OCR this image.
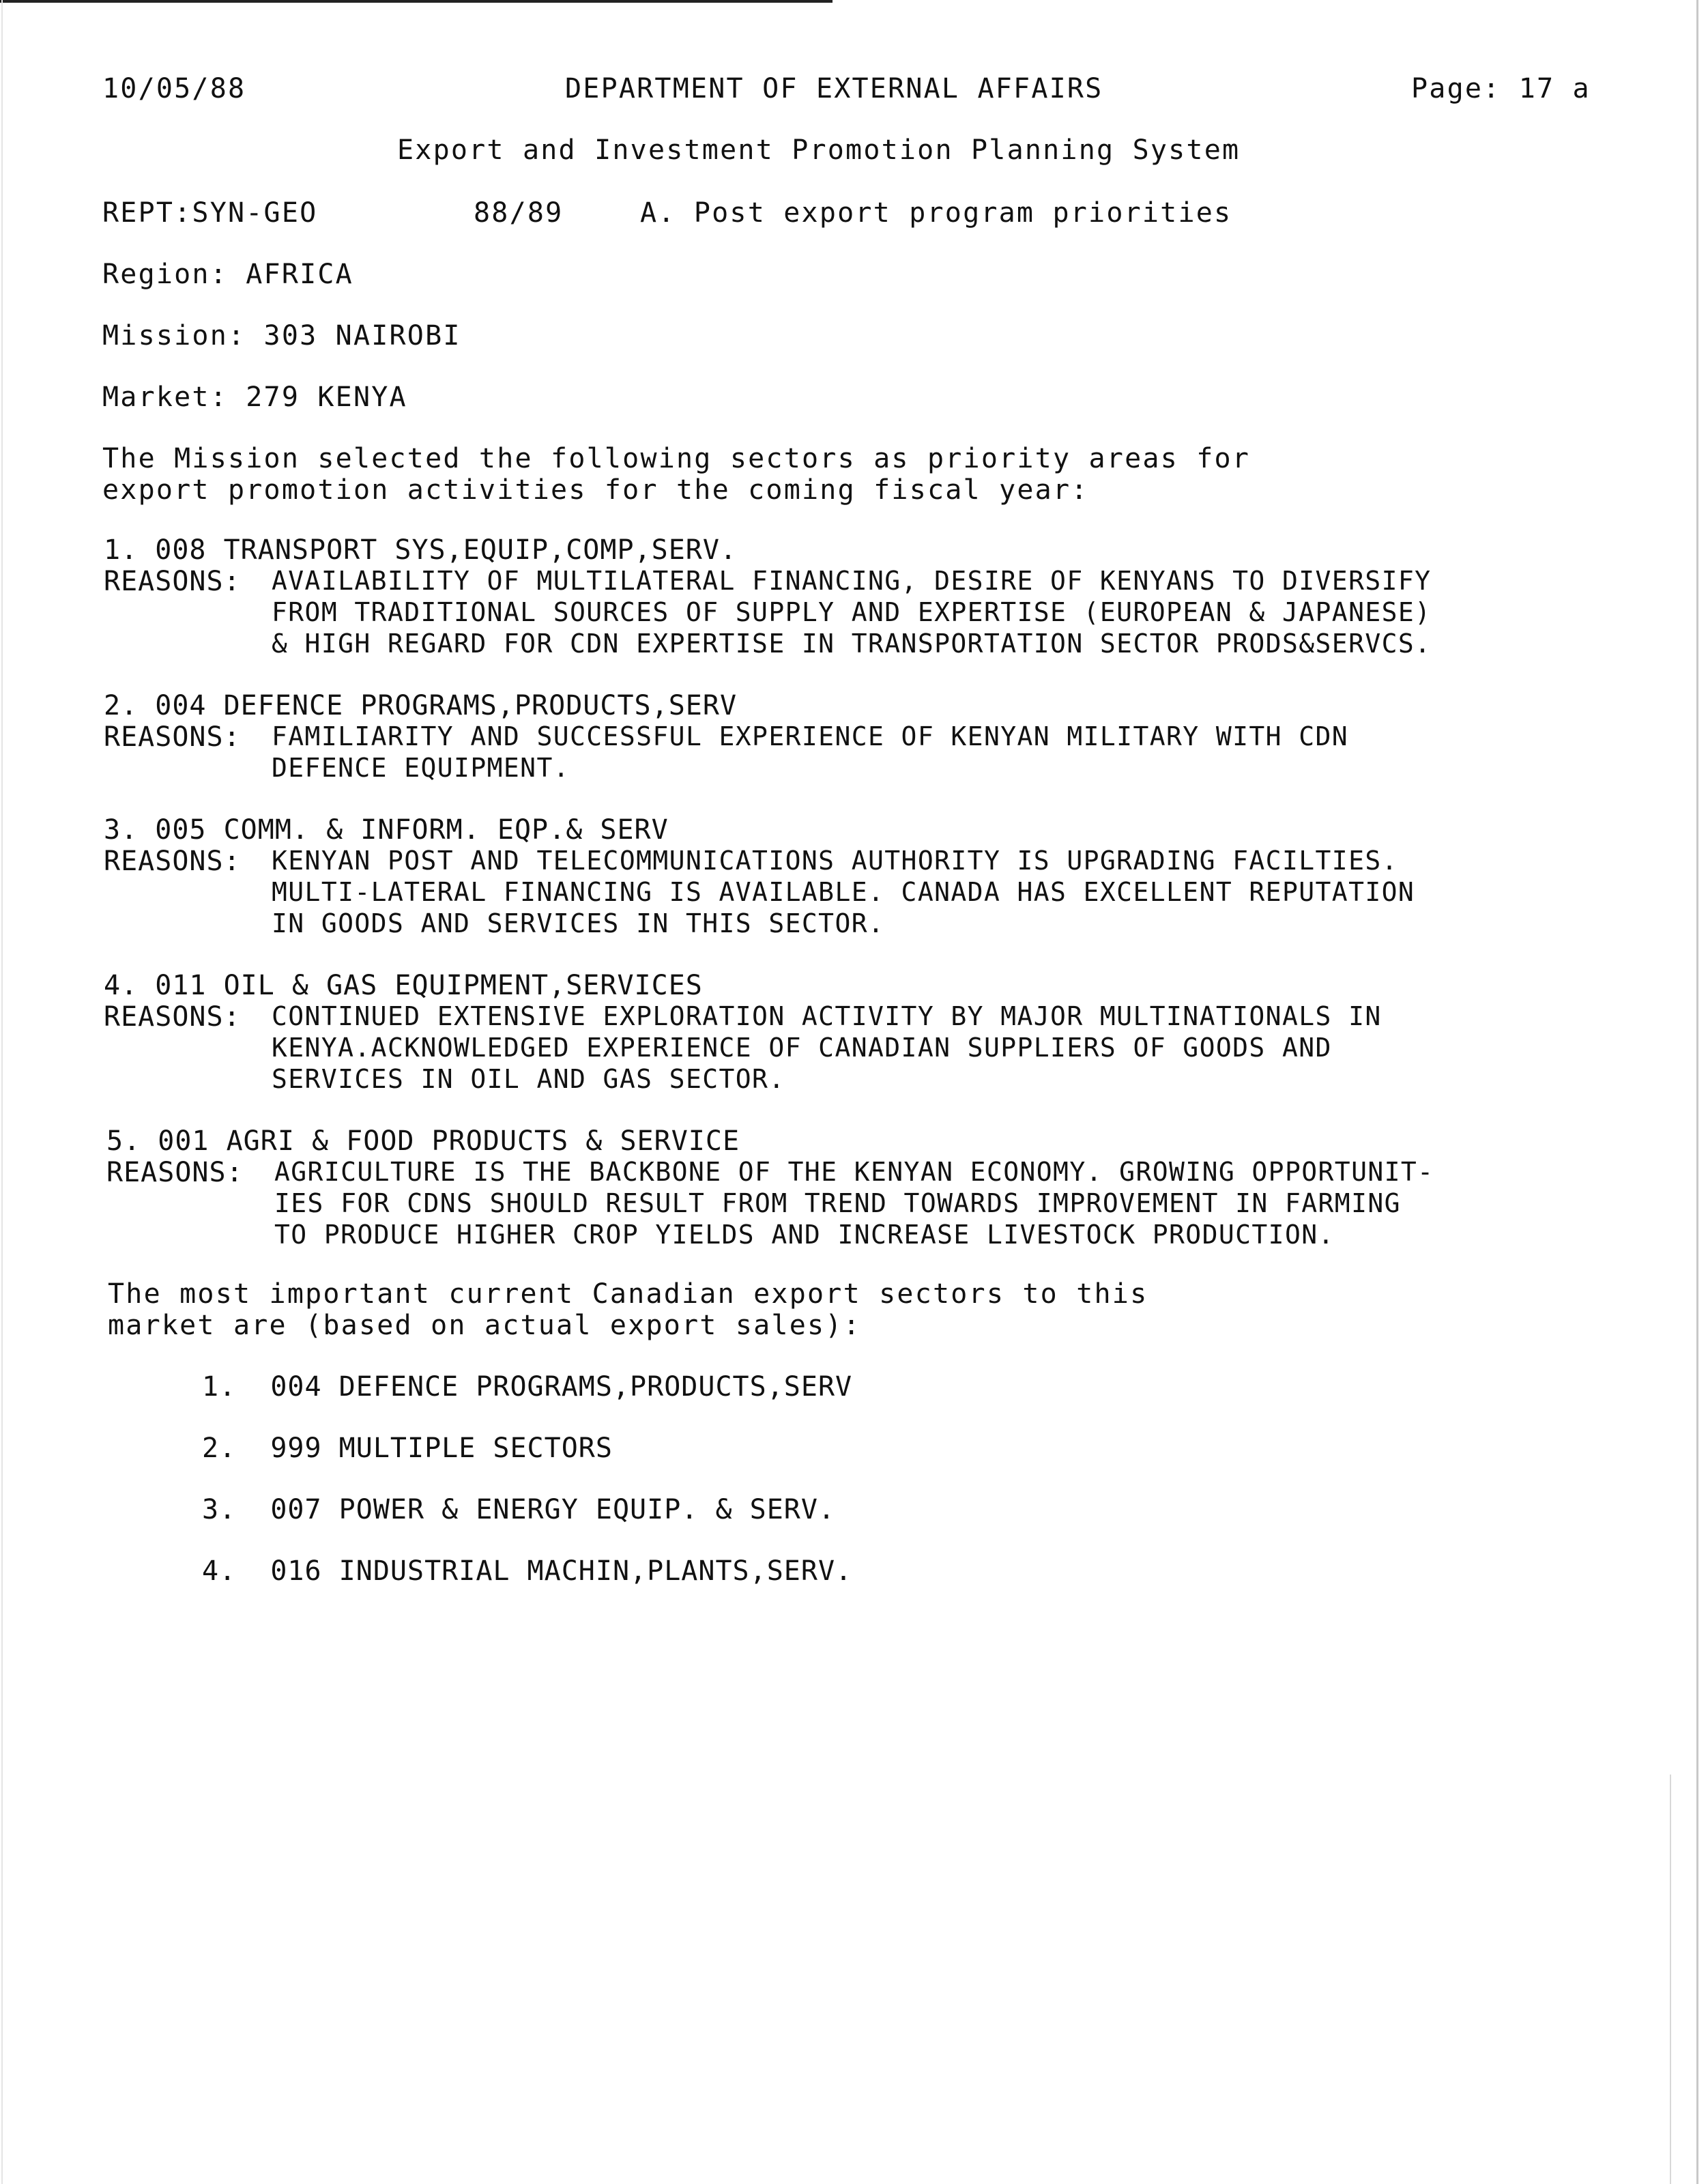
10/05/88	DEPARTMENT OF EXTERNAL AFFAIRS	Page: 17 a

Export and Investment Promotion Planning System

REPT:SYN-GEO	88/89	A. Post export program priorities

Region: AFRICA

Mission: 303 NAIROBI

Market: 279 KENYA

The Mission selected the following sectors as priority areas for

export promotion activities for the coming fiscal year:

1. 008 TRANSPORT SYS,EQUIP,COMP,SERV.

REASONS: AVAILABILITY OF MULTILATERAL FINANCING, DESIRE OF KENYANS TO DIVERSIFY

FROM TRADITIONAL SOURCES OF SUPPLY AND EXPERTISE (EUROPEAN & JAPANESE)

& HIGH REGARD FOR CDN EXPERTISE IN TRANSPORTATION SECTOR PRODS&SERVCS.

2. 004 DEFENCE PROGRAMS,PRODUCTS,SERV

REASONS: FAMILIARITY AND SUCCESSFUL EXPERIENCE OF KENYAN MILITARY WITH CDN

DEFENCE EQUIPMENT.

3. 005 COMM. & INFORM. EQP.& SERV

REASONS: KENYAN POST AND TELECOMMUNICATIONS AUTHORITY IS UPGRADING FACILTIES.

MULTI-LATERAL FINANCING IS AVAILABLE. CANADA HAS EXCELLENT REPUTATION

IN GOODS AND SERVICES IN THIS SECTOR.

4. 011 OIL & GAS EQUIPMENT,SERVICES

REASONS: CONTINUED EXTENSIVE EXPLORATION ACTIVITY BY MAJOR MULTINATIONALS IN

KENYA.ACKNOWLEDGED EXPERIENCE OF CANADIAN SUPPLIERS OF GOODS AND

SERVICES IN OIL AND GAS SECTOR.

5. 001 AGRI & FOOD PRODUCTS & SERVICE

REASONS: AGRICULTURE IS THE BACKBONE OF THE KENYAN ECONOMY. GROWING OPPORTUNIT-

IES FOR CDNS SHOULD RESULT FROM TREND TOWARDS IMPROVEMENT IN FARMING

TO PRODUCE HIGHER CROP YIELDS AND INCREASE LIVESTOCK PRODUCTION.

The most important current Canadian export sectors to this

market are (based on actual export sales):

1.  004 DEFENCE PROGRAMS,PRODUCTS,SERV

2.  999 MULTIPLE SECTORS

3.  007 POWER & ENERGY EQUIP. & SERV.

4.  016 INDUSTRIAL MACHIN,PLANTS,SERV.
